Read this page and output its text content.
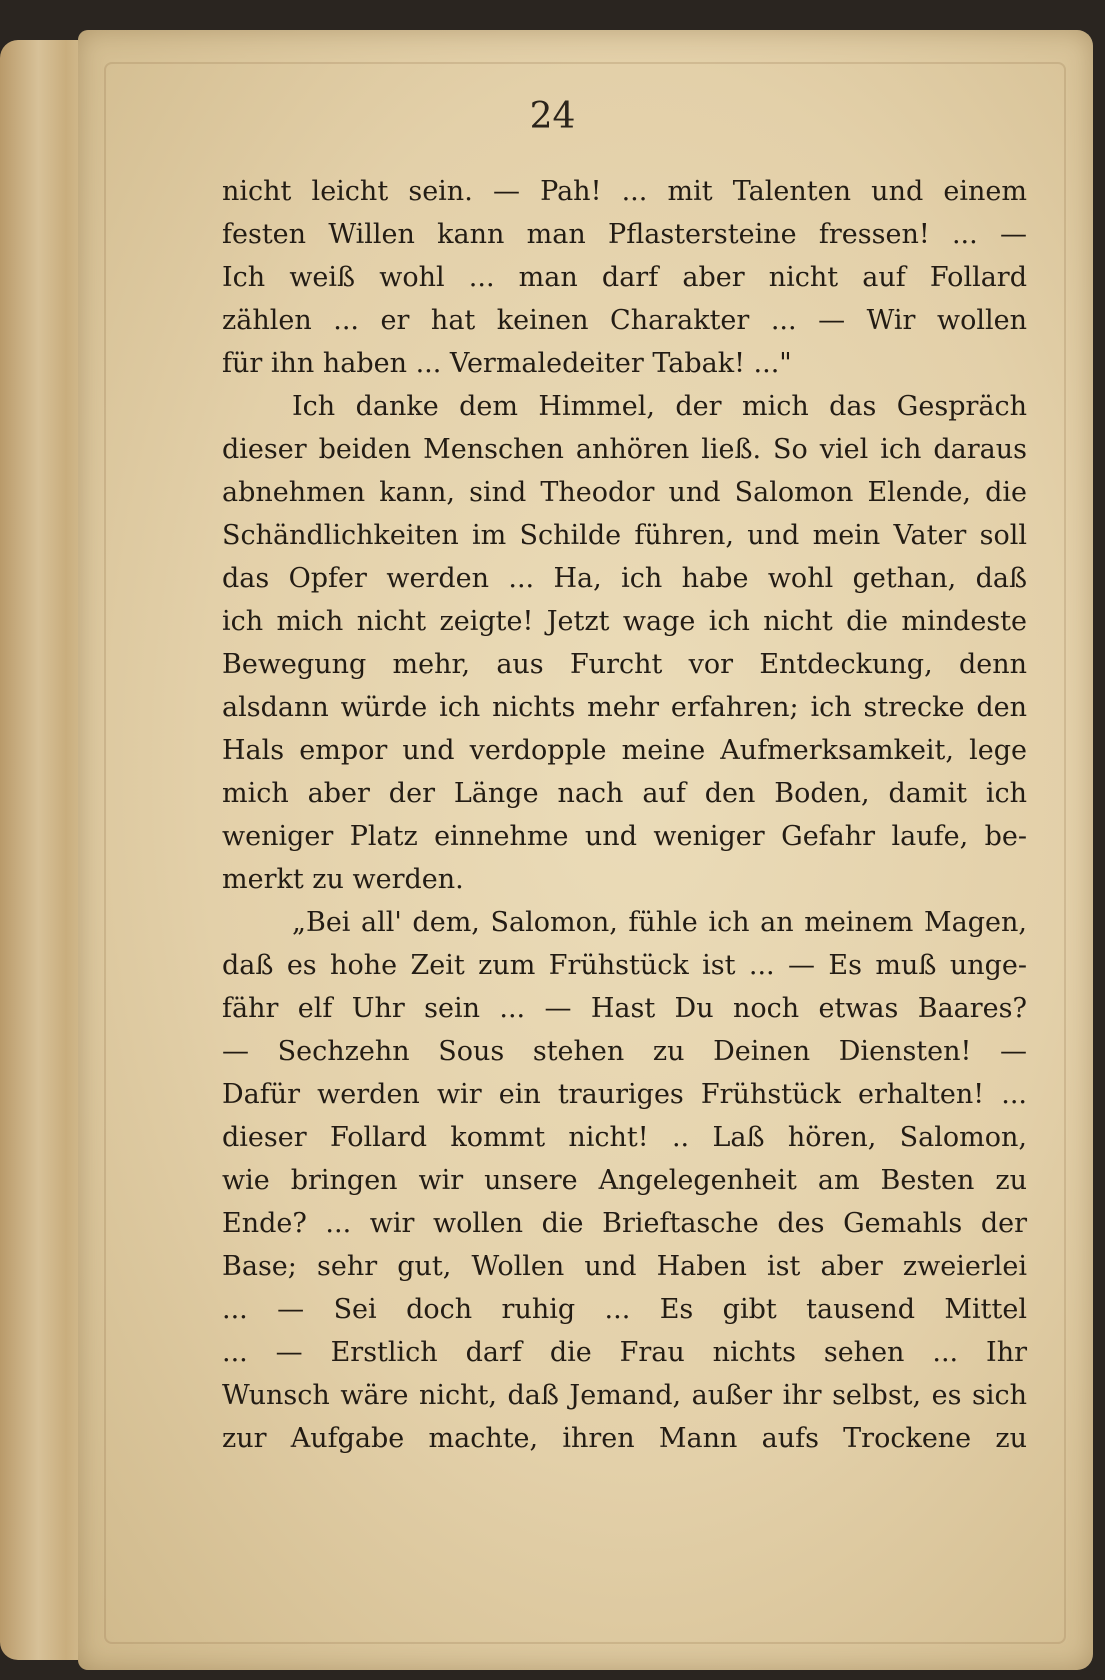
24
nicht leicht sein. — Pah! ... mit Talenten und einem
festen Willen kann man Pflastersteine fressen! ... —
Ich weiß wohl ... man darf aber nicht auf Follard
zählen ... er hat keinen Charakter ... — Wir wollen
für ihn haben ... Vermaledeiter Tabak! ..."
Ich danke dem Himmel, der mich das Gespräch
dieser beiden Menschen anhören ließ. So viel ich daraus
abnehmen kann, sind Theodor und Salomon Elende, die
Schändlichkeiten im Schilde führen, und mein Vater soll
das Opfer werden ... Ha, ich habe wohl gethan, daß
ich mich nicht zeigte! Jetzt wage ich nicht die mindeste
Bewegung mehr, aus Furcht vor Entdeckung, denn
alsdann würde ich nichts mehr erfahren; ich strecke den
Hals empor und verdopple meine Aufmerksamkeit, lege
mich aber der Länge nach auf den Boden, damit ich
weniger Platz einnehme und weniger Gefahr laufe, be-
merkt zu werden.
„Bei all' dem, Salomon, fühle ich an meinem Magen,
daß es hohe Zeit zum Frühstück ist ... — Es muß unge-
fähr elf Uhr sein ... — Hast Du noch etwas Baares?
— Sechzehn Sous stehen zu Deinen Diensten! —
Dafür werden wir ein trauriges Frühstück erhalten! ...
dieser Follard kommt nicht! .. Laß hören, Salomon,
wie bringen wir unsere Angelegenheit am Besten zu
Ende? ... wir wollen die Brieftasche des Gemahls der
Base; sehr gut, Wollen und Haben ist aber zweierlei
... — Sei doch ruhig ... Es gibt tausend Mittel
... — Erstlich darf die Frau nichts sehen ... Ihr
Wunsch wäre nicht, daß Jemand, außer ihr selbst, es sich
zur Aufgabe machte, ihren Mann aufs Trockene zu
